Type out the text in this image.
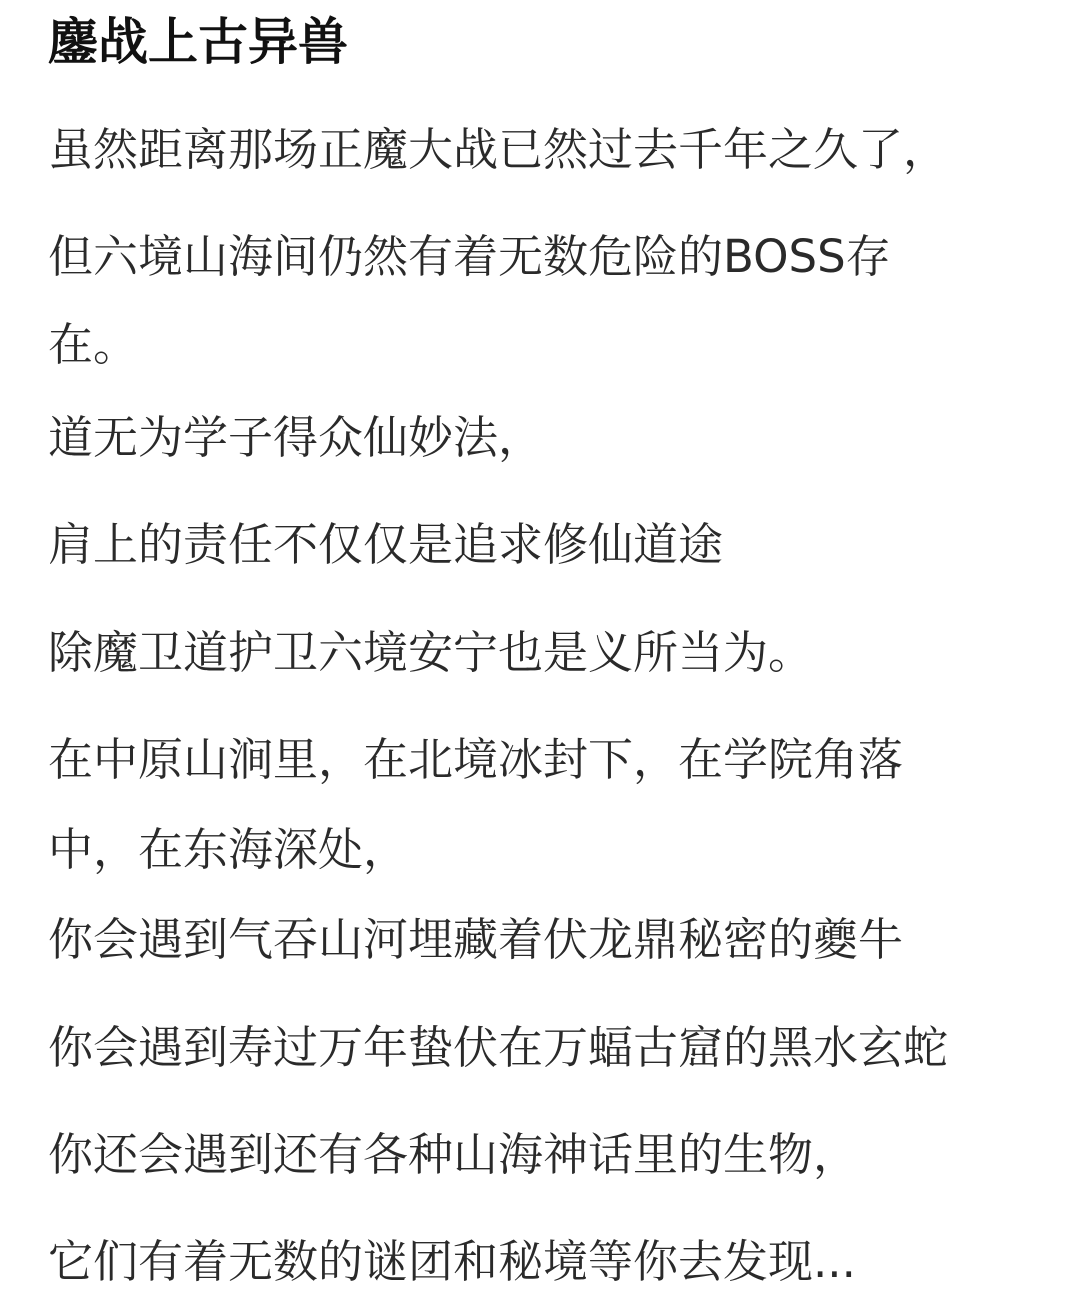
鏖战上古异兽

虽然距离那场正魔大战已然过去千年之久了，

但六境山海间仍然有着无数危险的BOSS存

在。

道无为学子得众仙妙法，

肩上的责任不仅仅是追求修仙道途

除魔卫道护卫六境安宁也是义所当为。

在中原山涧里，在北境冰封下，在学院角落

中，在东海深处，

你会遇到气吞山河埋藏着伏龙鼎秘密的夔牛

你会遇到寿过万年蛰伏在万蝠古窟的黑水玄蛇

你还会遇到还有各种山海神话里的生物，

它们有着无数的谜团和秘境等你去发现...
